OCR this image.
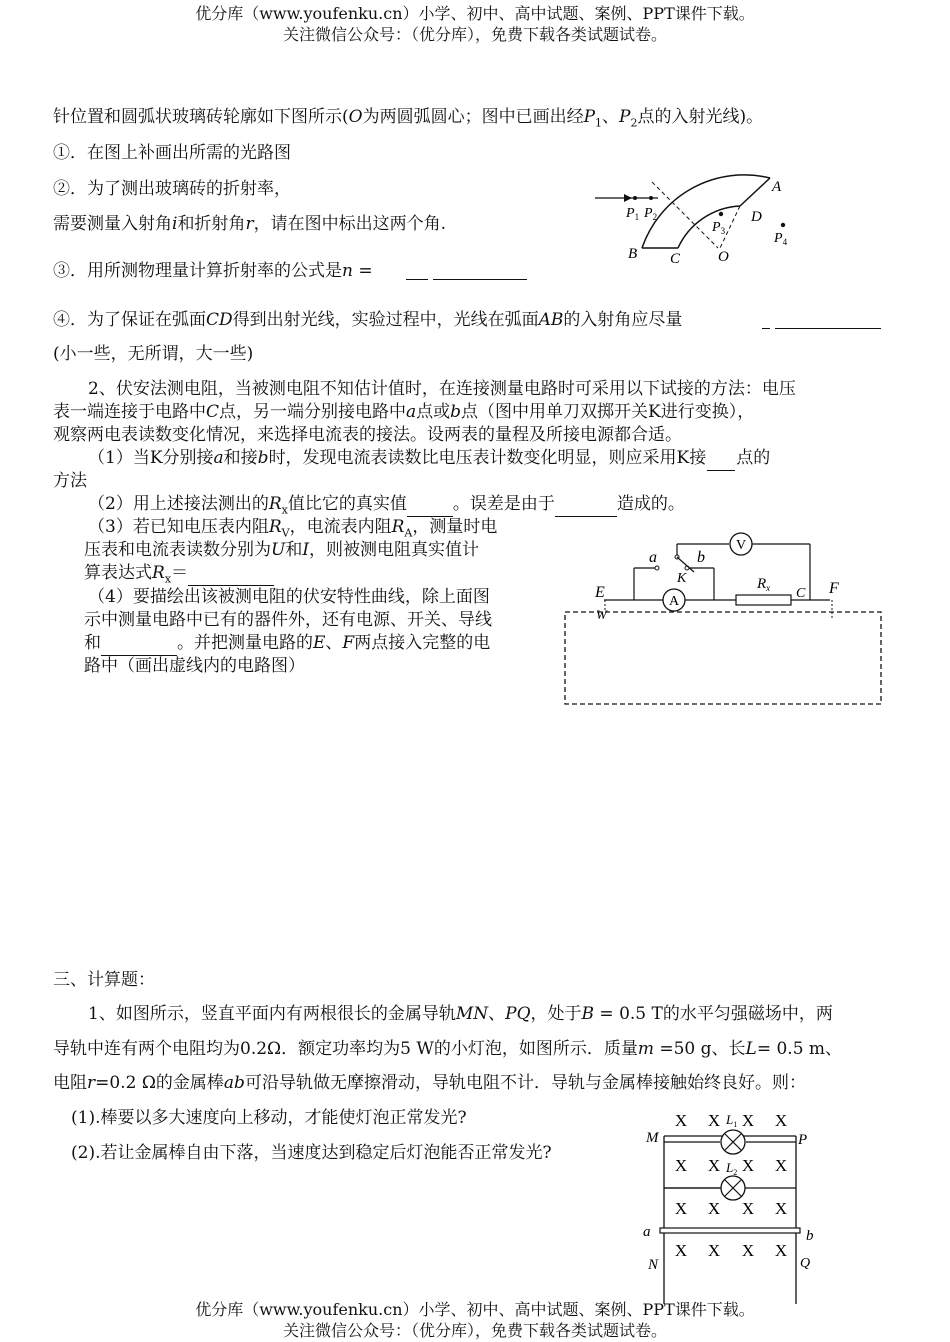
优分库（www.youfenku.cn）小学、初中、高中试题、案例、PPT课件下载。
关注微信公众号：（优分库），免费下载各类试题试卷。
针位置和圆弧状玻璃砖轮廓如下图所示(O为两圆弧圆心；图中已画出经$P_1$、$P_2$点的入射光线)。
①．在图上补画出所需的光路图
②．为了测出玻璃砖的折射率，
需要测量入射角i和折射角r，请在图中标出这两个角.
③．用所测物理量计算折射率的公式是n =
④．为了保证在弧面CD得到出射光线，实验过程中，光线在弧面AB的入射角应尽量
(小一些，无所谓，大一些)
A
B C
D
O
$P_1$ $P_2$
$P_3$	$P_4$
2、伏安法测电阻，当被测电阻不知估计值时，在连接测量电路时可采用以下试接的方法：电压
表一端连接于电路中C点，另一端分别接电路中a点或b点（图中用单刀双掷开关K进行变换），
观察两电表读数变化情况，来选择电流表的接法。设两表的量程及所接电源都合适。
（1）当K分别接a和接b时，发现电流表读数比电压表计数变化明显，则应采用K接 点的
方法
（2）用上述接法测出的$R_x$值比它的真实值	。误差是由于	造成的。
（3）若已知电压表内阻$R_V$，电流表内阻$R_A$，测量时电
压表和电流表读数分别为U和I，则被测电阻真实值计
算表达式$R_x=$
（4）要描绘出该被测电阻的伏安特性曲线，除上面图
示中测量电路中已有的器件外，还有电源、开关、导线
和	。并把测量电路的E、F两点接入完整的电
路中（画出虚线内的电路图）
A
$R_x$ C
V
a	b
K
E	F
W
三、计算题：
1、如图所示，竖直平面内有两根很长的金属导轨MN、PQ，处于B = 0.5 T的水平匀强磁场中，两
导轨中连有两个电阻均为0.2Ω．额定功率均为5 W的小灯泡，如图所示．质量m =50 g、长L= 0.5 m、
电阻r=0.2 Ω的金属棒ab可沿导轨做无摩擦滑动，导轨电阻不计．导轨与金属棒接触始终良好。则：
(1).棒要以多大速度向上移动，才能使灯泡正常发光?
(2).若让金属棒自由下落，当速度达到稳定后灯泡能否正常发光?
X X X X
X X X X
X X X X
X X X X
$L_1$
$L_2$
M	P
a	b
N	Q
优分库（www.youfenku.cn）小学、初中、高中试题、案例、PPT课件下载。
关注微信公众号：（优分库），免费下载各类试题试卷。
